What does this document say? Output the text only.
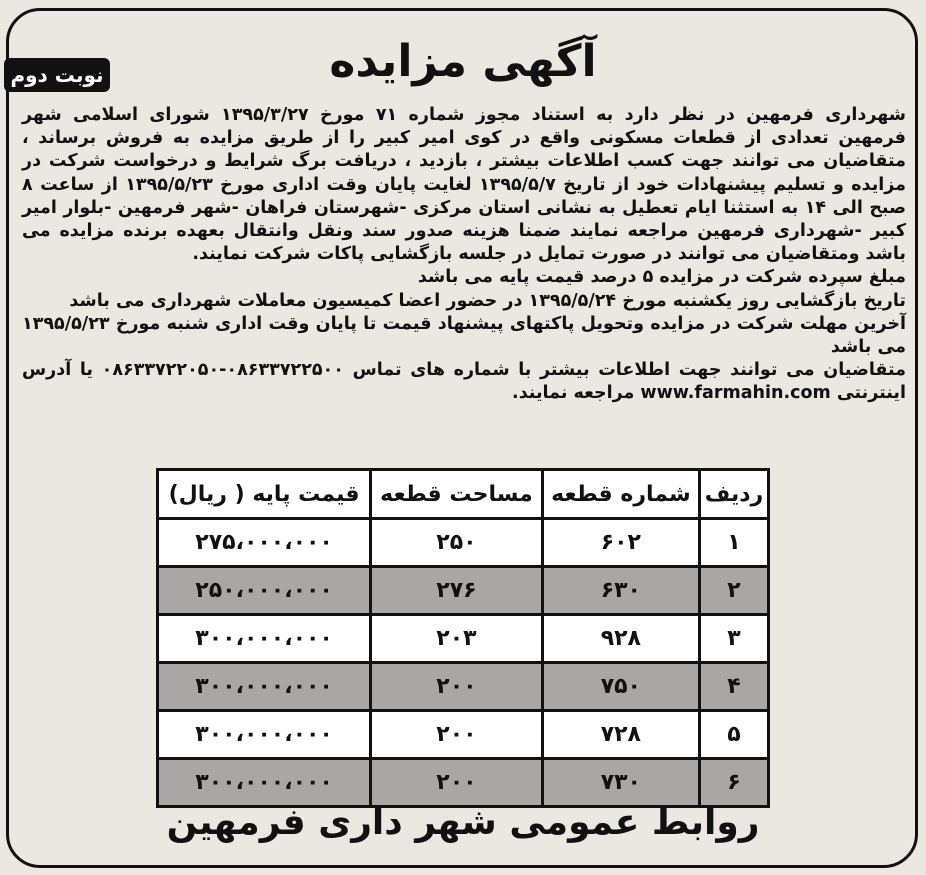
نوبت دوم	آگهی مزایده

شهرداری فرمهین در نظر دارد به استناد مجوز شماره ۷۱ مورخ ۱۳۹۵/۳/۲۷ شورای اسلامی شهر فرمهین تعدادی از قطعات مسکونی واقع در کوی امیر کبیر را از طریق مزایده به فروش برساند ، متقاضیان می توانند جهت کسب اطلاعات بیشتر ، بازدید ، دریافت برگ شرایط و درخواست شرکت در مزایده و تسلیم پیشنهادات خود از تاریخ ۱۳۹۵/۵/۷ لغایت پایان وقت اداری مورخ ۱۳۹۵/۵/۲۳ از ساعت ۸ صبح الی ۱۴ به استثنا ایام تعطیل به نشانی استان مرکزی -شهرستان فراهان -شهر فرمهین -بلوار امیر کبیر -شهرداری فرمهین مراجعه نمایند ضمنا هزینه صدور سند ونقل وانتقال بعهده برنده مزایده می باشد ومتقاضیان می توانند در صورت تمایل در جلسه بازگشایی پاکات شرکت نمایند.

مبلغ سپرده شرکت در مزایده ۵ درصد قیمت پایه می باشد

تاریخ بازگشایی روز یکشنبه مورخ ۱۳۹۵/۵/۲۴ در حضور اعضا کمیسیون معاملات شهرداری می باشد

آخرین مهلت شرکت در مزایده وتحویل پاکتهای پیشنهاد قیمت تا پایان وقت اداری شنبه مورخ ۱۳۹۵/۵/۲۳ می باشد

متقاضیان می توانند جهت اطلاعات بیشتر با شماره های تماس ۰۸۶۳۳۷۲۲۵۰۰-۰۸۶۳۳۷۲۲۰۵۰ یا آدرس اینترنتی www.farmahin.com مراجعه نمایند.

ردیف	شماره قطعه	مساحت قطعه	قیمت پایه ( ریال)
۱	۶۰۲	۲۵۰	۲۷۵،۰۰۰،۰۰۰
۲	۶۳۰	۲۷۶	۲۵۰،۰۰۰،۰۰۰
۳	۹۲۸	۲۰۳	۳۰۰،۰۰۰،۰۰۰
۴	۷۵۰	۲۰۰	۳۰۰،۰۰۰،۰۰۰
۵	۷۲۸	۲۰۰	۳۰۰،۰۰۰،۰۰۰
۶	۷۳۰	۲۰۰	۳۰۰،۰۰۰،۰۰۰
روابط عمومی شهر داری فرمهین
